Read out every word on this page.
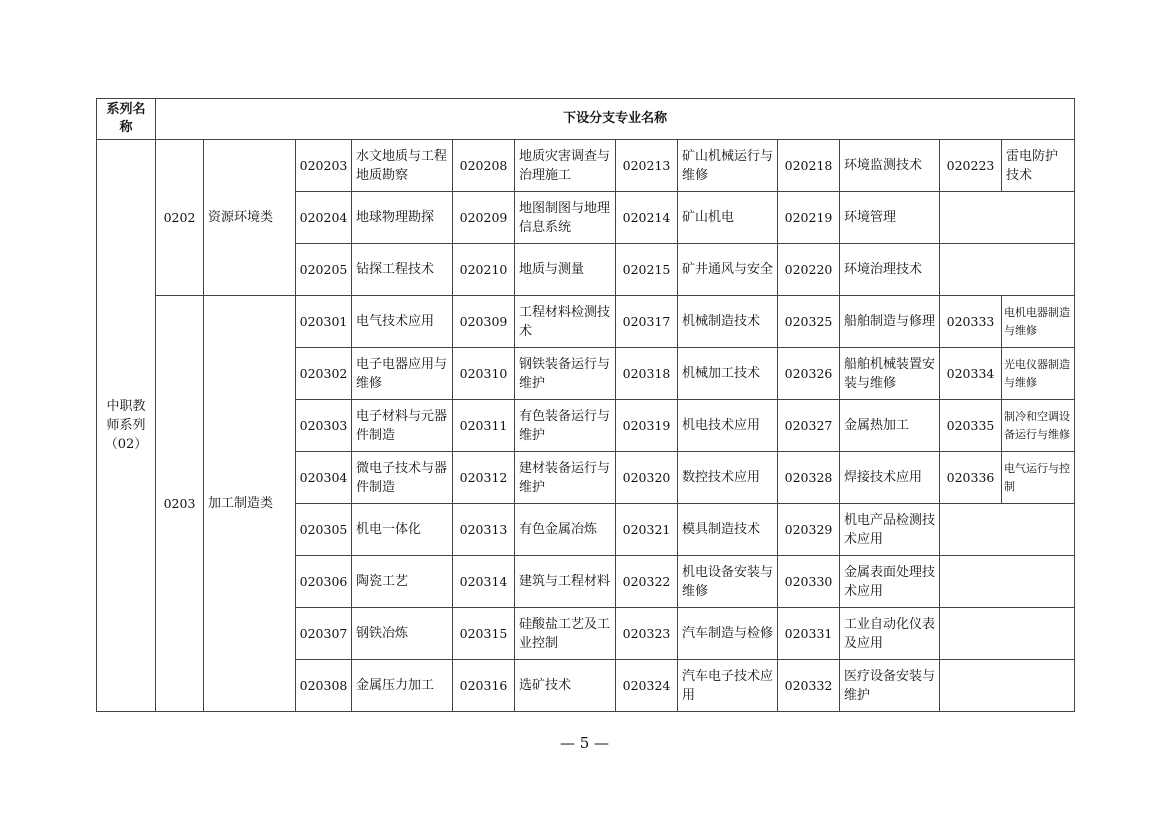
系列名称	下设分支专业名称											
中职教师系列（02）	0202	资源环境类	020203	水文地质与工程地质勘察	020208	地质灾害调查与治理施工	020213	矿山机械运行与维修	020218	环境监测技术	020223	雷电防护技术
			020204	地球物理勘探	020209	地图制图与地理信息系统	020214	矿山机电	020219	环境管理		
			020205	钻探工程技术	020210	地质与测量	020215	矿井通风与安全	020220	环境治理技术		
	0203	加工制造类	020301	电气技术应用	020309	工程材料检测技术	020317	机械制造技术	020325	船舶制造与修理	020333	电机电器制造与维修
			020302	电子电器应用与维修	020310	钢铁装备运行与维护	020318	机械加工技术	020326	船舶机械装置安装与维修	020334	光电仪器制造与维修
			020303	电子材料与元器件制造	020311	有色装备运行与维护	020319	机电技术应用	020327	金属热加工	020335	制冷和空调设备运行与维修
			020304	微电子技术与器件制造	020312	建材装备运行与维护	020320	数控技术应用	020328	焊接技术应用	020336	电气运行与控制
			020305	机电一体化	020313	有色金属冶炼	020321	模具制造技术	020329	机电产品检测技术应用		
			020306	陶瓷工艺	020314	建筑与工程材料	020322	机电设备安装与维修	020330	金属表面处理技术应用		
			020307	钢铁冶炼	020315	硅酸盐工艺及工业控制	020323	汽车制造与检修	020331	工业自动化仪表及应用		
			020308	金属压力加工	020316	选矿技术	020324	汽车电子技术应用	020332	医疗设备安装与维护		
— 5 —
